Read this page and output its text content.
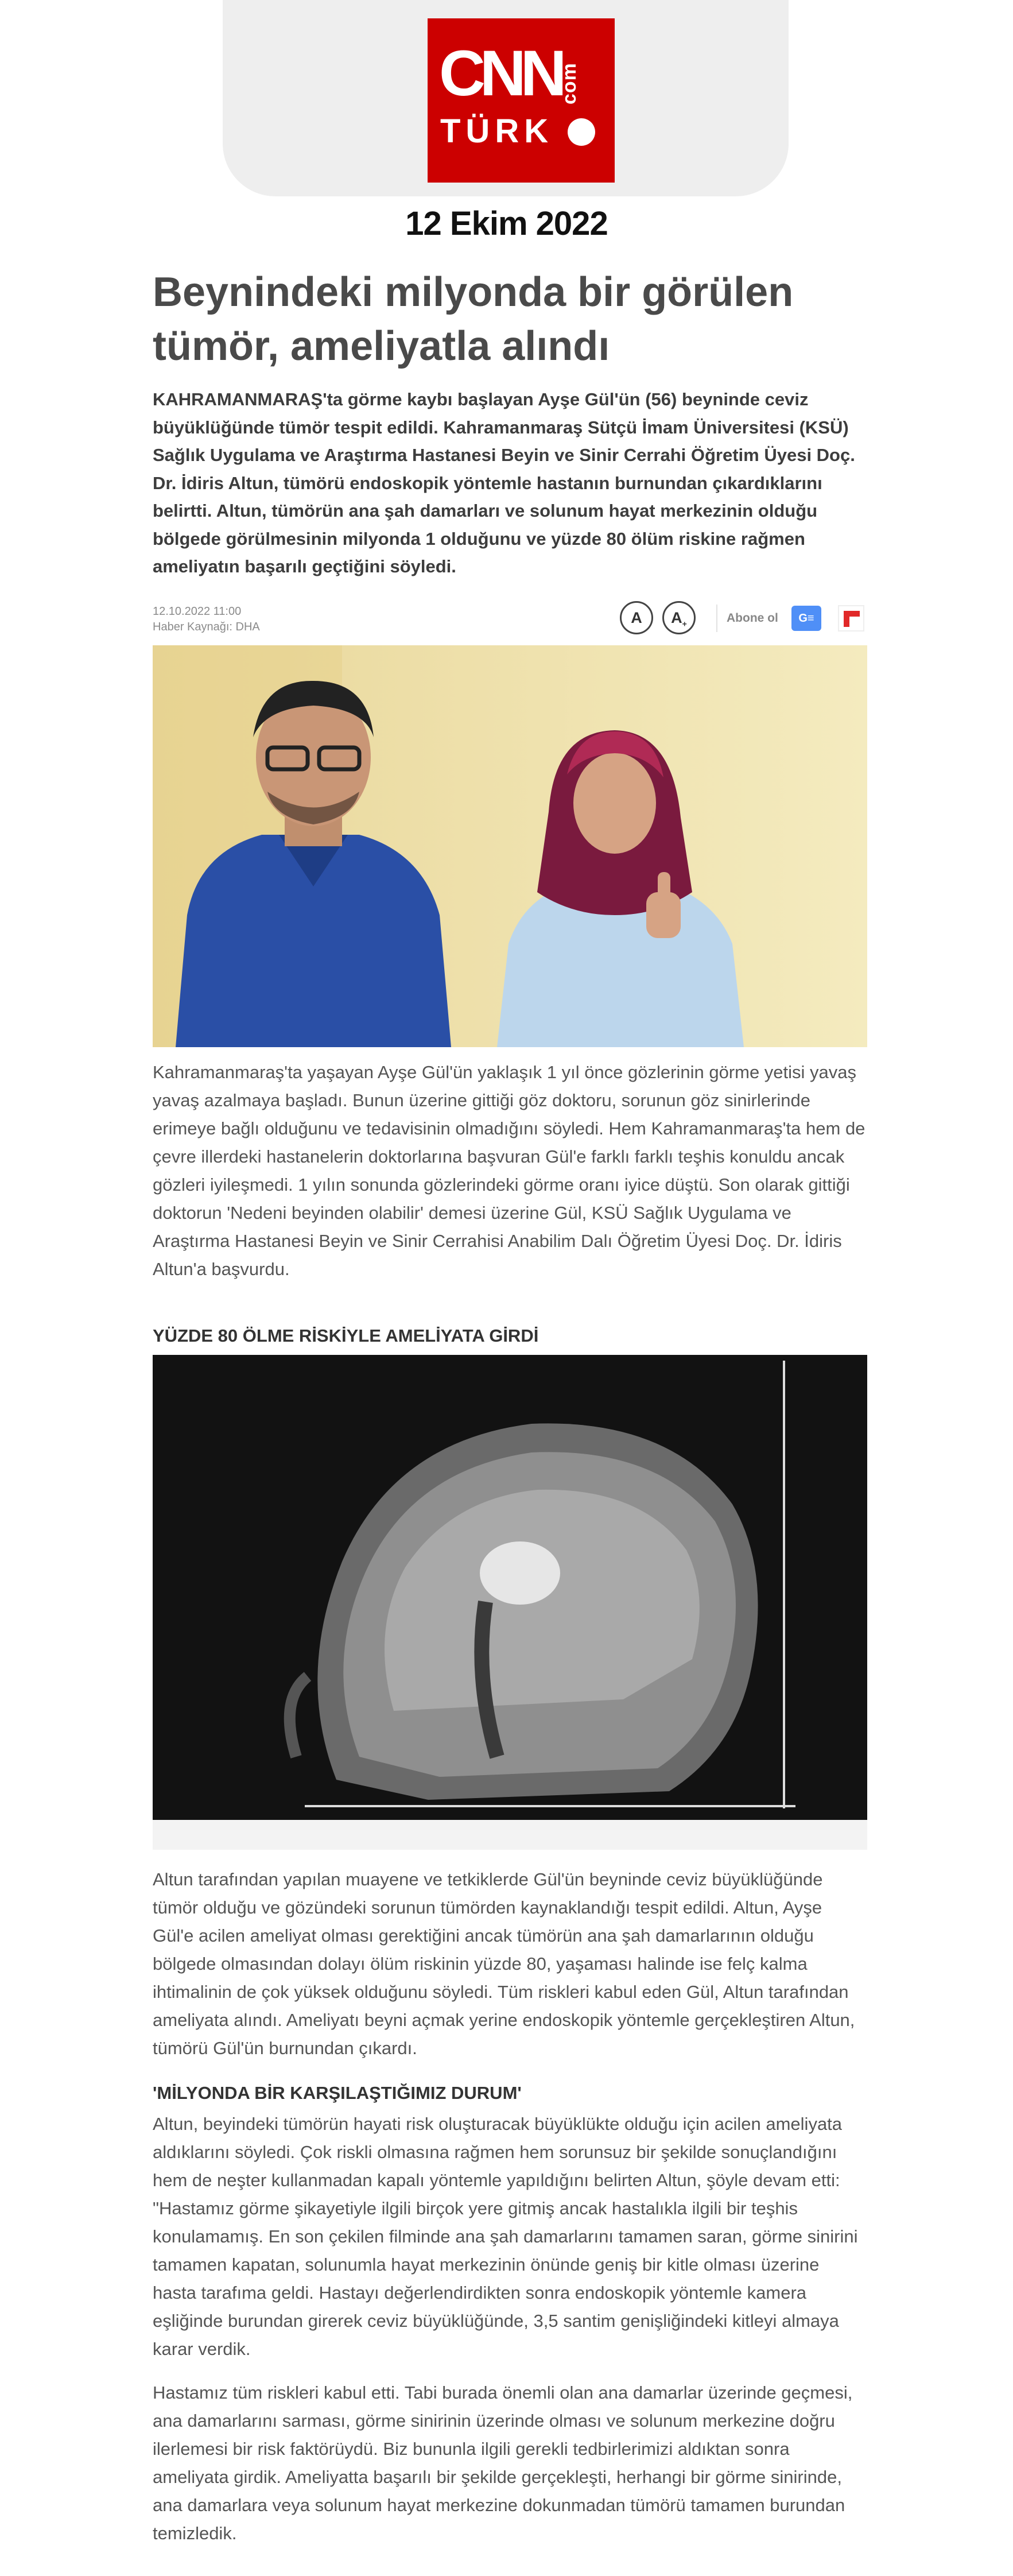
CNN
com
TÜRK
12 Ekim 2022
Beynindeki milyonda bir görülen tümör, ameliyatla alındı

KAHRAMANMARAŞ'ta görme kaybı başlayan Ayşe Gül'ün (56) beyninde ceviz büyüklüğünde tümör tespit edildi. Kahramanmaraş Sütçü İmam Üniversitesi (KSÜ) Sağlık Uygulama ve Araştırma Hastanesi Beyin ve Sinir Cerrahi Öğretim Üyesi Doç. Dr. İdiris Altun, tümörü endoskopik yöntemle hastanın burnundan çıkardıklarını belirtti. Altun, tümörün ana şah damarları ve solunum hayat merkezinin olduğu bölgede görülmesinin milyonda 1 olduğunu ve yüzde 80 ölüm riskine rağmen ameliyatın başarılı geçtiğini söyledi.

12.10.2022 11:00
Haber Kaynağı: DHA
A	$A_+$	Abone ol	G≡

Kahramanmaraş'ta yaşayan Ayşe Gül'ün yaklaşık 1 yıl önce gözlerinin görme yetisi yavaş yavaş azalmaya başladı. Bunun üzerine gittiği göz doktoru, sorunun göz sinirlerinde erimeye bağlı olduğunu ve tedavisinin olmadığını söyledi. Hem Kahramanmaraş'ta hem de çevre illerdeki hastanelerin doktorlarına başvuran Gül'e farklı farklı teşhis konuldu ancak gözleri iyileşmedi. 1 yılın sonunda gözlerindeki görme oranı iyice düştü. Son olarak gittiği doktorun 'Nedeni beyinden olabilir' demesi üzerine Gül, KSÜ Sağlık Uygulama ve Araştırma Hastanesi Beyin ve Sinir Cerrahisi Anabilim Dalı Öğretim Üyesi Doç. Dr. İdiris Altun'a başvurdu.

YÜZDE 80 ÖLME RİSKİYLE AMELİYATA GİRDİ

Altun tarafından yapılan muayene ve tetkiklerde Gül'ün beyninde ceviz büyüklüğünde tümör olduğu ve gözündeki sorunun tümörden kaynaklandığı tespit edildi. Altun, Ayşe Gül'e acilen ameliyat olması gerektiğini ancak tümörün ana şah damarlarının olduğu bölgede olmasından dolayı ölüm riskinin yüzde 80, yaşaması halinde ise felç kalma ihtimalinin de çok yüksek olduğunu söyledi. Tüm riskleri kabul eden Gül, Altun tarafından ameliyata alındı. Ameliyatı beyni açmak yerine endoskopik yöntemle gerçekleştiren Altun, tümörü Gül'ün burnundan çıkardı.

'MİLYONDA BİR KARŞILAŞTIĞIMIZ DURUM'

Altun, beyindeki tümörün hayati risk oluşturacak büyüklükte olduğu için acilen ameliyata aldıklarını söyledi. Çok riskli olmasına rağmen hem sorunsuz bir şekilde sonuçlandığını hem de neşter kullanmadan kapalı yöntemle yapıldığını belirten Altun, şöyle devam etti: "Hastamız görme şikayetiyle ilgili birçok yere gitmiş ancak hastalıkla ilgili bir teşhis konulamamış. En son çekilen filminde ana şah damarlarını tamamen saran, görme sinirini tamamen kapatan, solunumla hayat merkezinin önünde geniş bir kitle olması üzerine hasta tarafıma geldi. Hastayı değerlendirdikten sonra endoskopik yöntemle kamera eşliğinde burundan girerek ceviz büyüklüğünde, 3,5 santim genişliğindeki kitleyi almaya karar verdik.

Hastamız tüm riskleri kabul etti. Tabi burada önemli olan ana damarlar üzerinde geçmesi, ana damarlarını sarması, görme sinirinin üzerinde olması ve solunum merkezine doğru ilerlemesi bir risk faktörüydü. Biz bununla ilgili gerekli tedbirlerimizi aldıktan sonra ameliyata girdik. Ameliyatta başarılı bir şekilde gerçekleşti, herhangi bir görme sinirinde, ana damarlara veya solunum hayat merkezine dokunmadan tümörü tamamen burundan temizledik.
